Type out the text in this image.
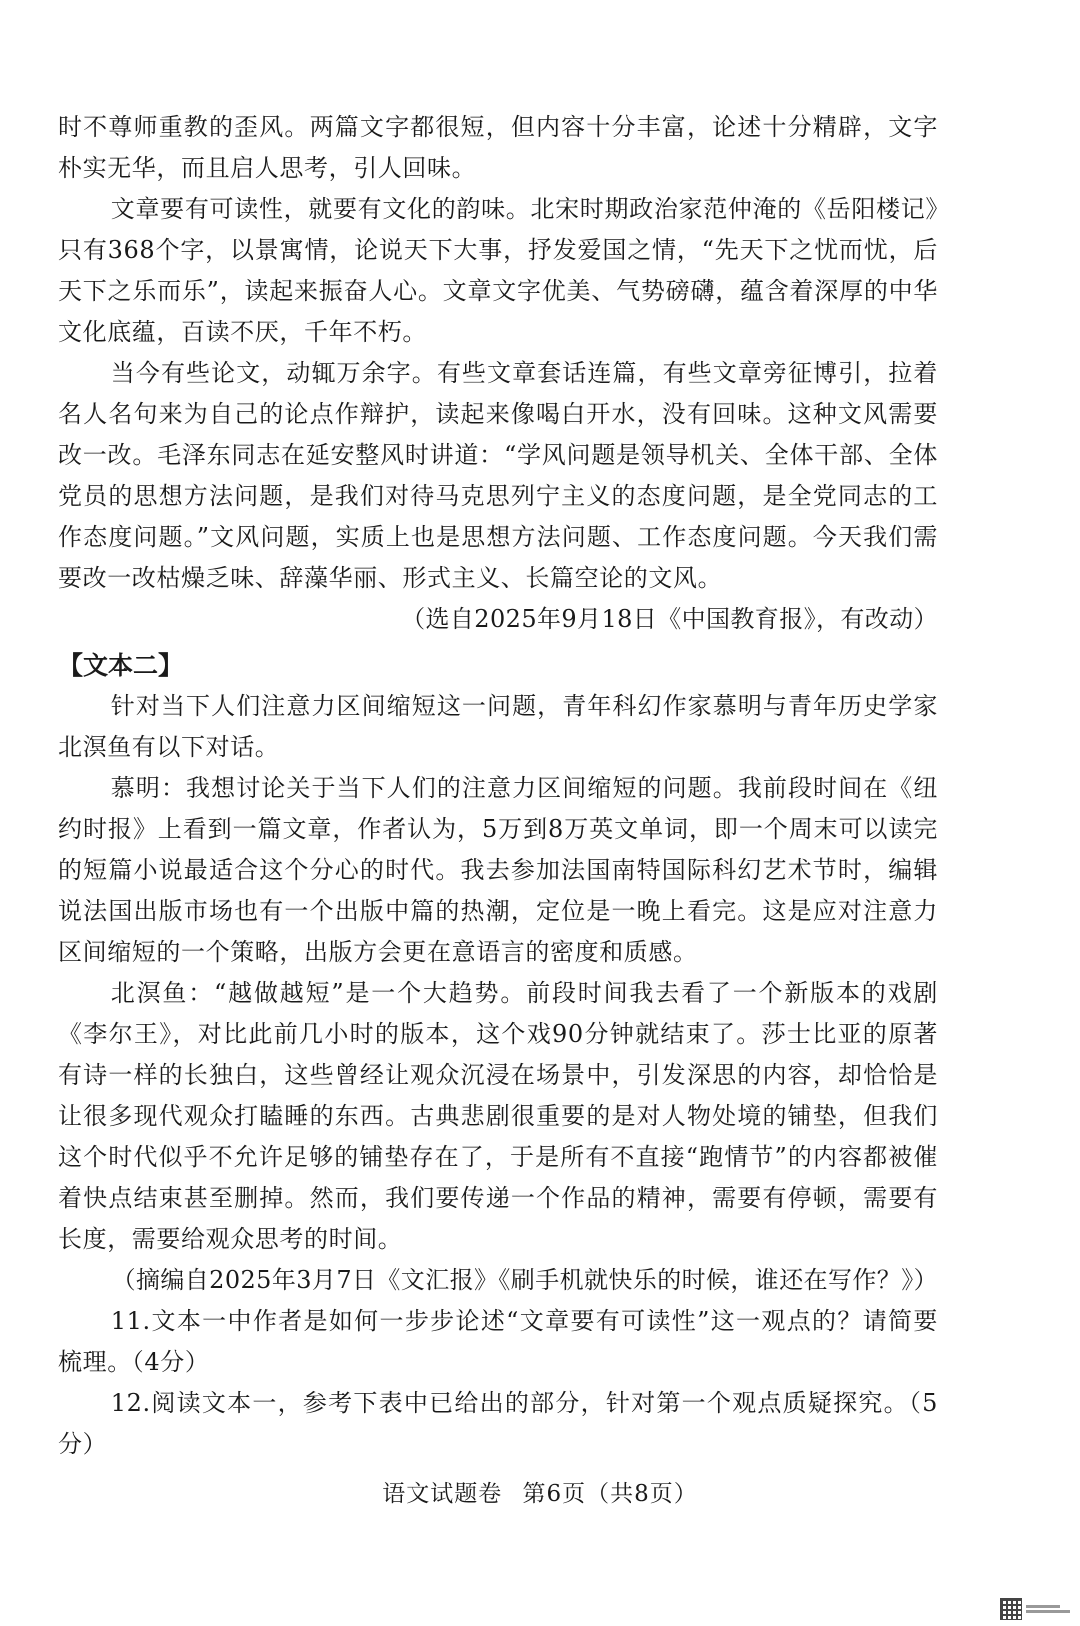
时不尊师重教的歪风。两篇文字都很短，但内容十分丰富，论述十分精辟，文字朴实无华，而且启人思考，引人回味。

文章要有可读性，就要有文化的韵味。北宋时期政治家范仲淹的《岳阳楼记》只有368个字，以景寓情，论说天下大事，抒发爱国之情，“先天下之忧而忧，后天下之乐而乐”，读起来振奋人心。文章文字优美、气势磅礴，蕴含着深厚的中华文化底蕴，百读不厌，千年不朽。

当今有些论文，动辄万余字。有些文章套话连篇，有些文章旁征博引，拉着名人名句来为自己的论点作辩护，读起来像喝白开水，没有回味。这种文风需要改一改。毛泽东同志在延安整风时讲道：“学风问题是领导机关、全体干部、全体党员的思想方法问题，是我们对待马克思列宁主义的态度问题，是全党同志的工作态度问题。”文风问题，实质上也是思想方法问题、工作态度问题。今天我们需要改一改枯燥乏味、辞藻华丽、形式主义、长篇空论的文风。

（选自2025年9月18日《中国教育报》，有改动）

【文本二】

针对当下人们注意力区间缩短这一问题，青年科幻作家慕明与青年历史学家北溟鱼有以下对话。

慕明：我想讨论关于当下人们的注意力区间缩短的问题。我前段时间在《纽约时报》上看到一篇文章，作者认为，5万到8万英文单词，即一个周末可以读完的短篇小说最适合这个分心的时代。我去参加法国南特国际科幻艺术节时，编辑说法国出版市场也有一个出版中篇的热潮，定位是一晚上看完。这是应对注意力区间缩短的一个策略，出版方会更在意语言的密度和质感。

北溟鱼：“越做越短”是一个大趋势。前段时间我去看了一个新版本的戏剧《李尔王》，对比此前几小时的版本，这个戏90分钟就结束了。莎士比亚的原著有诗一样的长独白，这些曾经让观众沉浸在场景中，引发深思的内容，却恰恰是让很多现代观众打瞌睡的东西。古典悲剧很重要的是对人物处境的铺垫，但我们这个时代似乎不允许足够的铺垫存在了，于是所有不直接“跑情节”的内容都被催着快点结束甚至删掉。然而，我们要传递一个作品的精神，需要有停顿，需要有长度，需要给观众思考的时间。

（摘编自2025年3月7日《文汇报》《刷手机就快乐的时候，谁还在写作？》）

11.文本一中作者是如何一步步论述“文章要有可读性”这一观点的？请简要梳理。（4分）

12.阅读文本一，参考下表中已给出的部分，针对第一个观点质疑探究。（5分）

语文试题卷 第6页（共8页）
